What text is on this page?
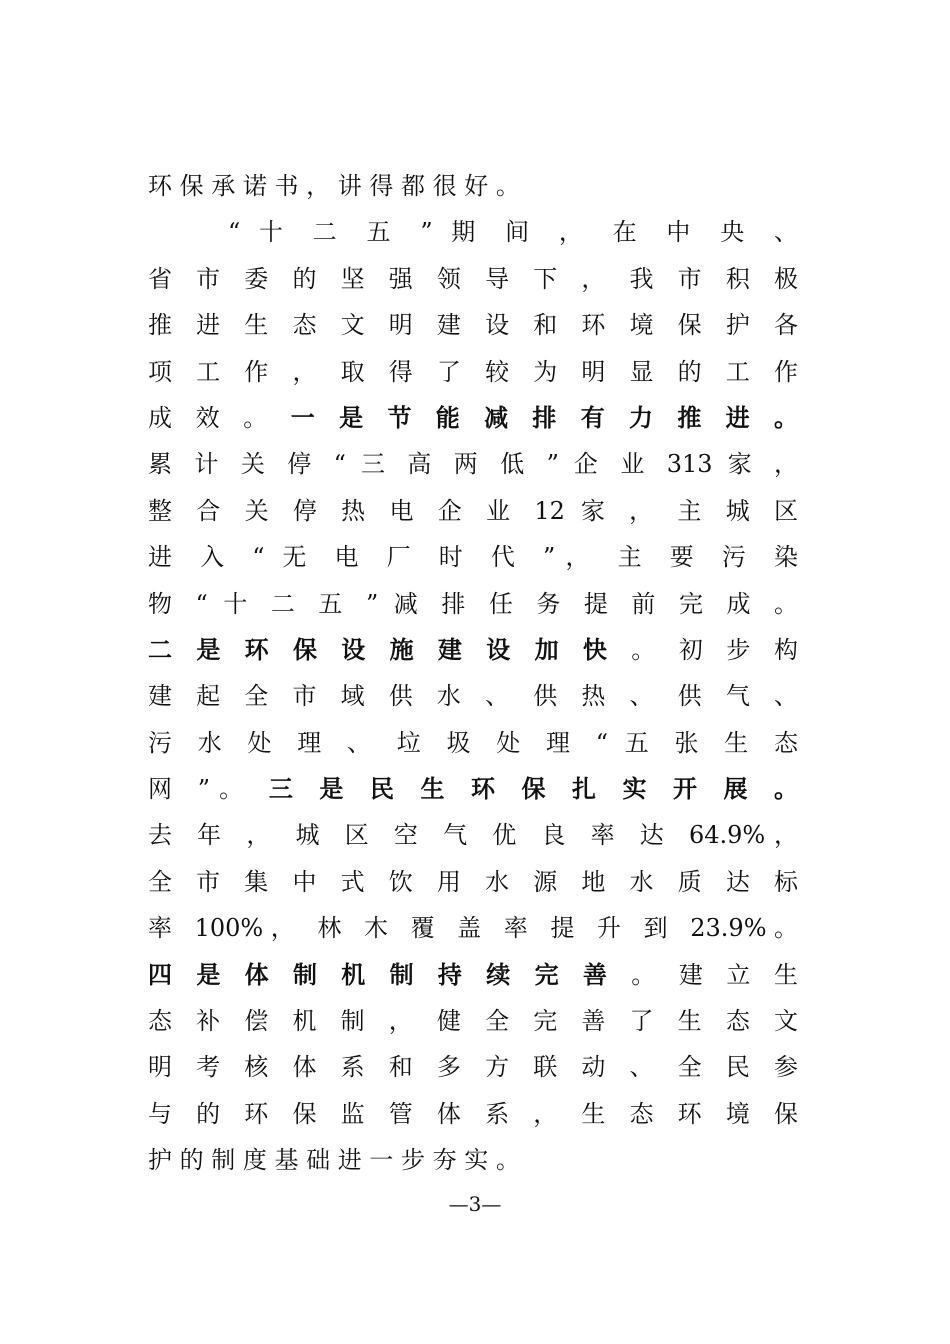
环 保 承 诺 书 ， 讲 得 都 很 好 。
“ 十 二 五 ” 期 间 ， 在 中 央 、
省 市 委 的 坚 强 领 导 下 ， 我 市 积 极
推 进 生 态 文 明 建 设 和 环 境 保 护 各
项 工 作 ， 取 得 了 较 为 明 显 的 工 作
成 效 。 一 是 节 能 减 排 有 力 推 进 。
累 计 关 停 “ 三 高 两 低 ” 企 业 313 家 ，
整 合 关 停 热 电 企 业 12 家 ， 主 城 区
进 入 “ 无 电 厂 时 代 ”， 主 要 污 染
物 “ 十 二 五 ” 减 排 任 务 提 前 完 成 。
二 是 环 保 设 施 建 设 加 快 。 初 步 构
建 起 全 市 域 供 水 、 供 热 、 供 气 、
污 水 处 理 、 垃 圾 处 理 “ 五 张 生 态
网 ”。 三 是 民 生 环 保 扎 实 开 展 。
去 年 ， 城 区 空 气 优 良 率 达 64.9%，
全 市 集 中 式 饮 用 水 源 地 水 质 达 标
率 100%， 林 木 覆 盖 率 提 升 到 23.9%。
四 是 体 制 机 制 持 续 完 善 。 建 立 生
态 补 偿 机 制 ， 健 全 完 善 了 生 态 文
明 考 核 体 系 和 多 方 联 动 、 全 民 参
与 的 环 保 监 管 体 系 ， 生 态 环 境 保
护 的 制 度 基 础 进 一 步 夯 实 。
—3—
